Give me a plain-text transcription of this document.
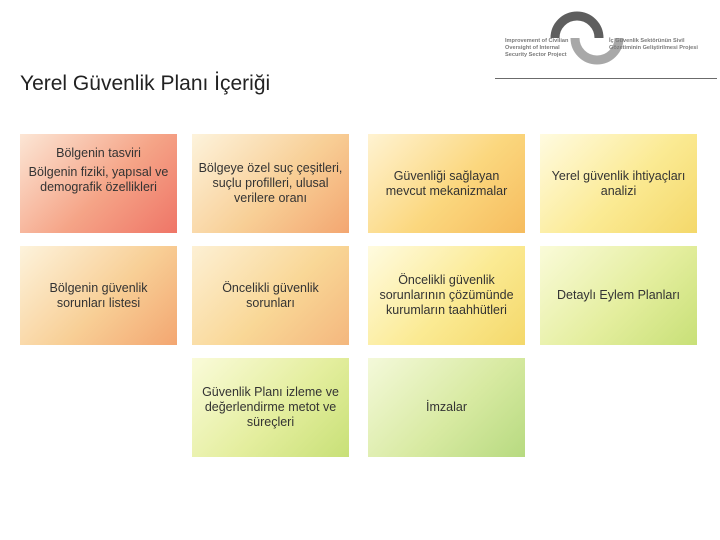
Improvement of Civilian Oversight of Internal Security Sector Project
İç Güvenlik Sektörünün Sivil Gözetiminin Geliştirilmesi Projesi
Yerel Güvenlik Planı İçeriği
Bölgenin tasviri
Bölgenin fiziki, yapısal ve demografik özellikleri
Bölgeye özel suç çeşitleri, suçlu profilleri, ulusal verilere oranı
Güvenliği sağlayan mevcut mekanizmalar
Yerel güvenlik ihtiyaçları analizi
Bölgenin güvenlik sorunları listesi
Öncelikli güvenlik sorunları
Öncelikli güvenlik sorunlarının çözümünde kurumların taahhütleri
Detaylı Eylem Planları
Güvenlik Planı izleme ve değerlendirme metot ve süreçleri
İmzalar
